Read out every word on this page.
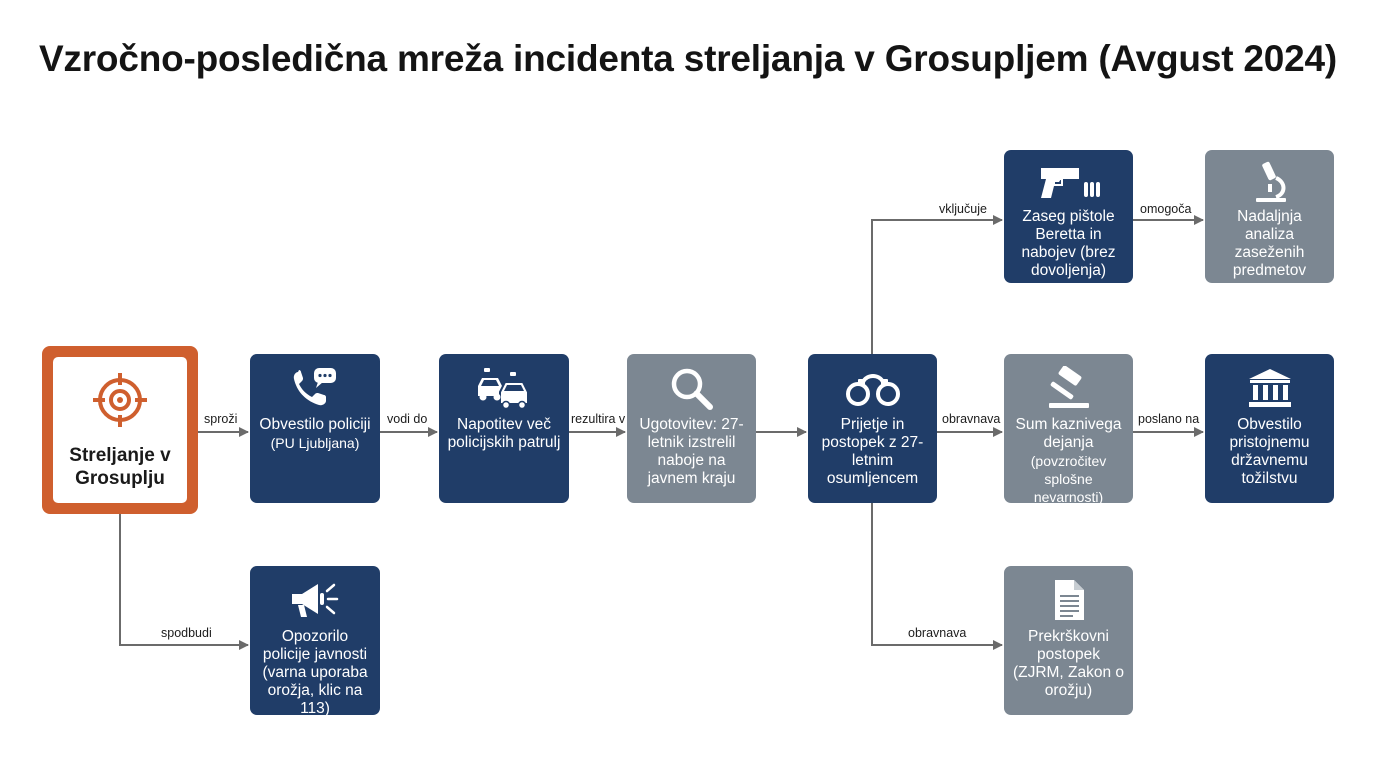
Vzročno-posledična mreža incidenta streljanja v Grosupljem (Avgust 2024)
sproži	vodi do	rezultira v
vključuje	omogoča
obravnava	poslano na
obravnava
spodbudi
Streljanje v Grosuplju
Obvestilo policiji
(PU Ljubljana)
Napotitev več policijskih patrulj
Ugotovitev: 27-letnik izstrelil naboje na javnem kraju
Prijetje in postopek z 27-letnim osumljencem
Zaseg pištole Beretta in nabojev (brez dovoljenja)
Nadaljnja analiza zaseženih predmetov
Sum kaznivega dejanja
(povzročitev splošne nevarnosti)
Obvestilo pristojnemu državnemu tožilstvu
Prekrškovni postopek
(ZJRM, Zakon o orožju)
Opozorilo policije javnosti
(varna uporaba orožja, klic na 113)
